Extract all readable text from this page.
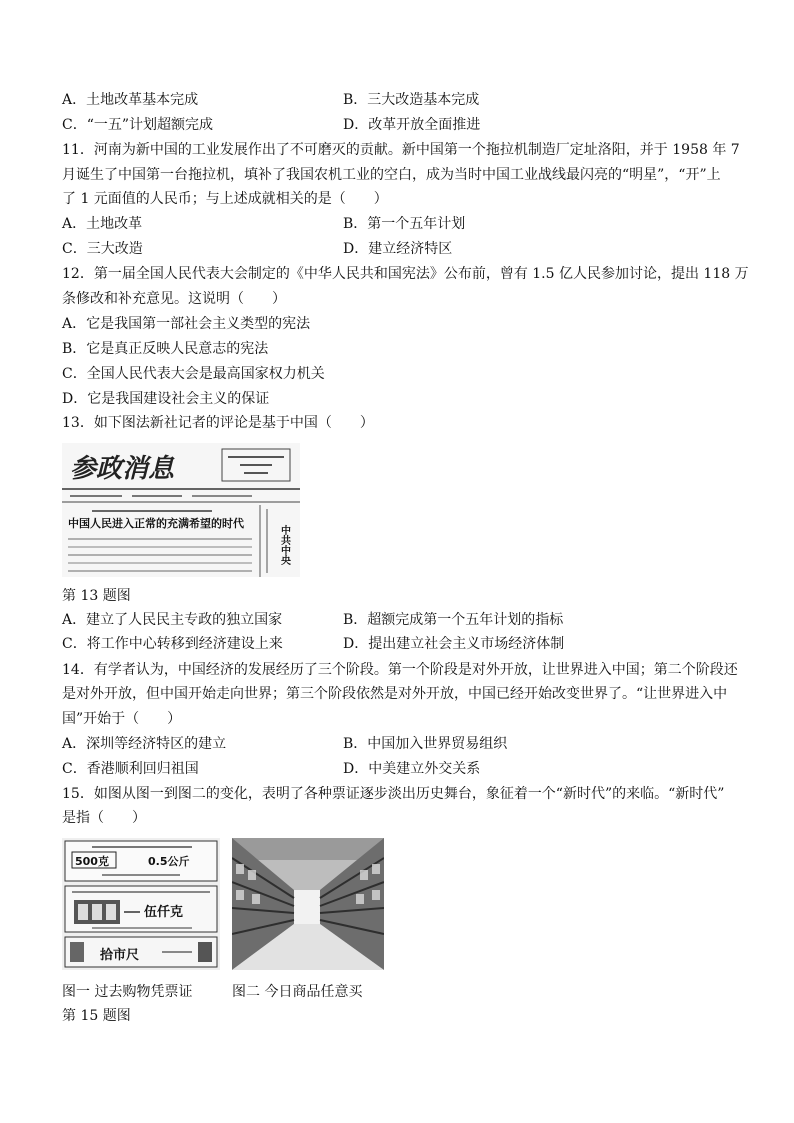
A．土地改革基本完成	B．三大改造基本完成
C．“一五”计划超额完成	D．改革开放全面推进
11．河南为新中国的工业发展作出了不可磨灭的贡献。新中国第一个拖拉机制造厂定址洛阳，并于 1958 年 7
月诞生了中国第一台拖拉机，填补了我国农机工业的空白，成为当时中国工业战线最闪亮的“明星”，“开”上
了 1 元面值的人民币；与上述成就相关的是（　　）
A．土地改革	B．第一个五年计划
C．三大改造	D．建立经济特区
12．第一届全国人民代表大会制定的《中华人民共和国宪法》公布前，曾有 1.5 亿人民参加讨论，提出 118 万
条修改和补充意见。这说明（　　）
A．它是我国第一部社会主义类型的宪法
B．它是真正反映人民意志的宪法
C．全国人民代表大会是最高国家权力机关
D．它是我国建设社会主义的保证
13．如下图法新社记者的评论是基于中国（　　）
参政消息
中国人民进入正常的充满希望的时代
中共中央
第 13 题图
A．建立了人民民主专政的独立国家	B．超额完成第一个五年计划的指标
C．将工作中心转移到经济建设上来	D．提出建立社会主义市场经济体制
14．有学者认为，中国经济的发展经历了三个阶段。第一个阶段是对外开放，让世界进入中国；第二个阶段还
是对外开放，但中国开始走向世界；第三个阶段依然是对外开放，中国已经开始改变世界了。“让世界进入中
国”开始于（　　）
A．深圳等经济特区的建立	B．中国加入世界贸易组织
C．香港顺利回归祖国	D．中美建立外交关系
15．如图从图一到图二的变化，表明了各种票证逐步淡出历史舞台，象征着一个“新时代”的来临。“新时代”
是指（　　）
500克	0.5公斤
伍仟克
拾市尺
图一 过去购物凭票证	图二 今日商品任意买
第 15 题图
